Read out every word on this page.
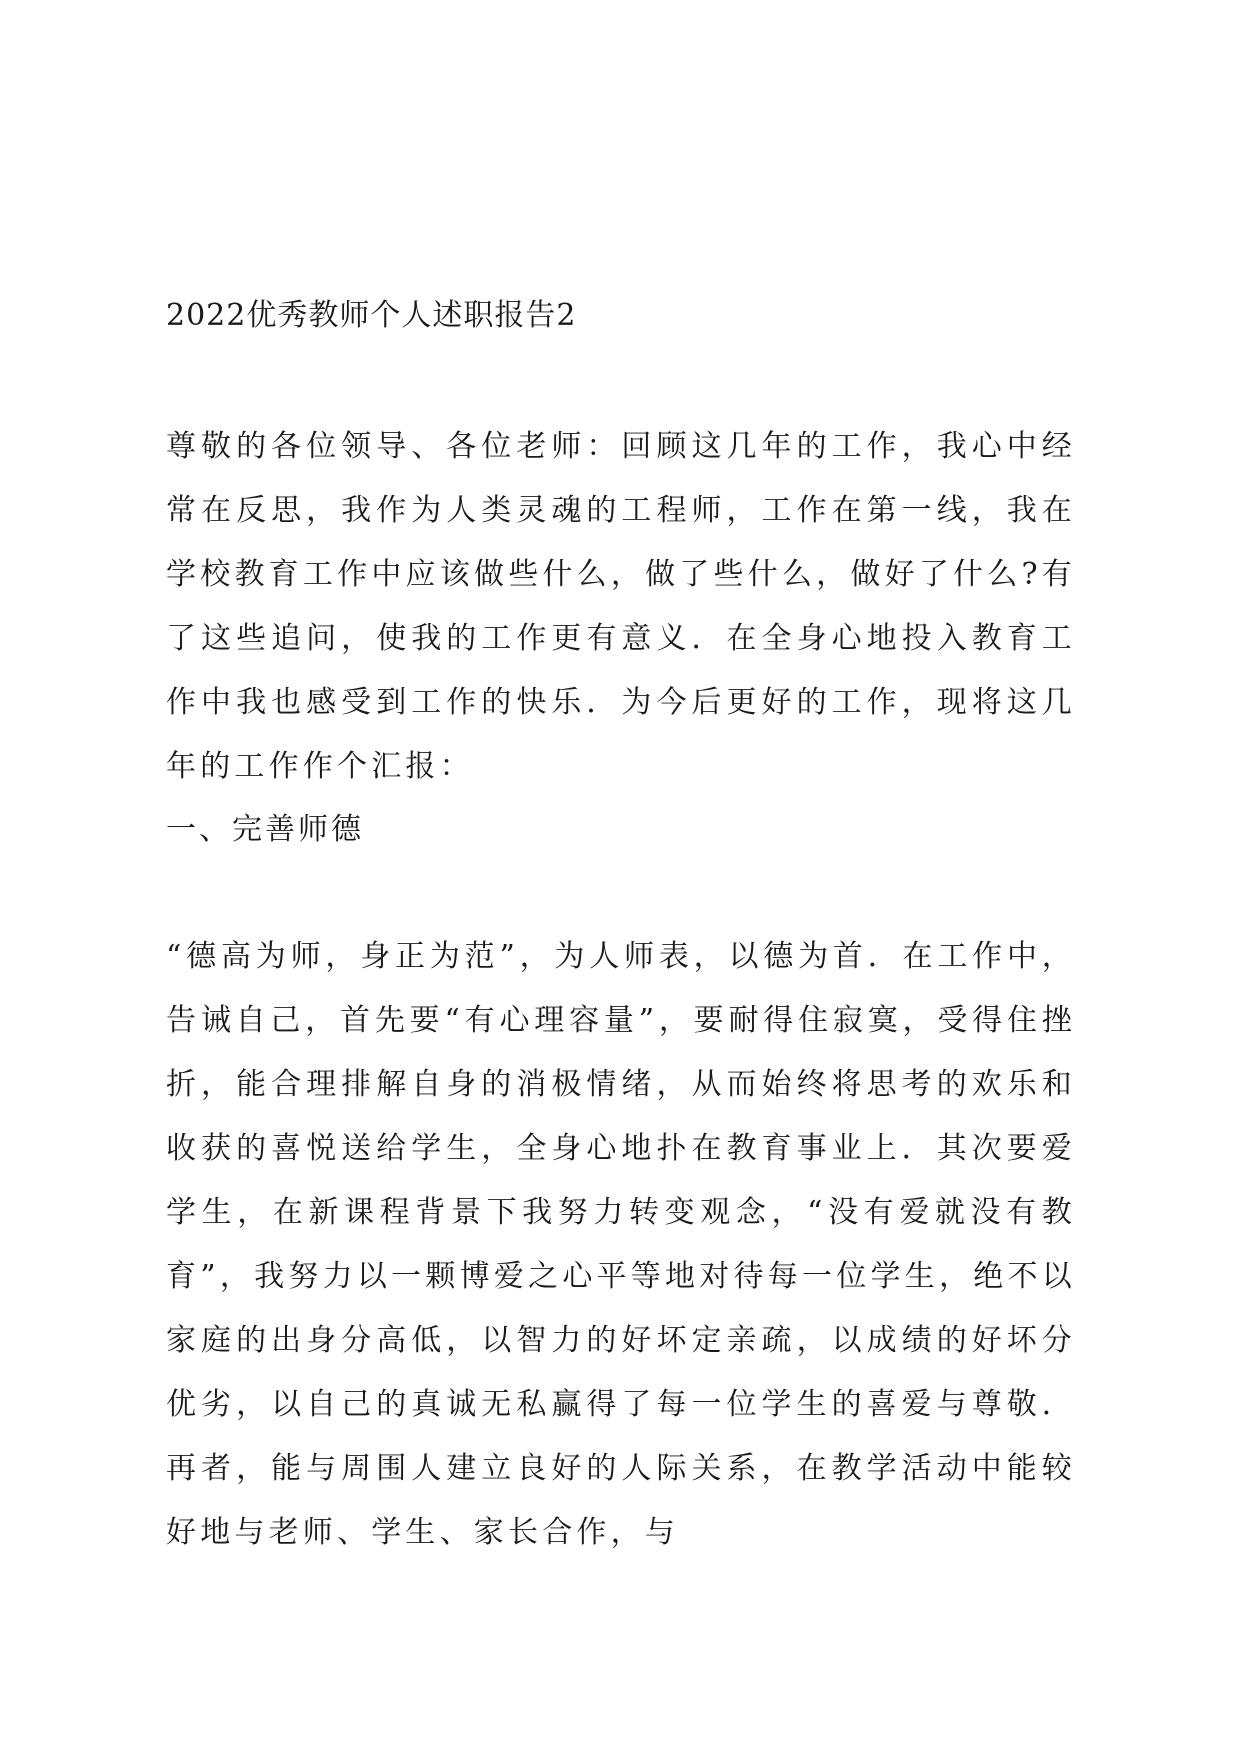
2022优秀教师个人述职报告2

尊敬的各位领导、各位老师：回顾这几年的工作，我心中经常在反思，我作为人类灵魂的工程师，工作在第一线，我在学校教育工作中应该做些什么，做了些什么，做好了什么?有了这些追问，使我的工作更有意义．在全身心地投入教育工作中我也感受到工作的快乐．为今后更好的工作，现将这几年的工作作个汇报：

一、完善师德

“德高为师，身正为范”，为人师表，以德为首．在工作中，告诫自己，首先要“有心理容量”，要耐得住寂寞，受得住挫折，能合理排解自身的消极情绪，从而始终将思考的欢乐和收获的喜悦送给学生，全身心地扑在教育事业上．其次要爱学生，在新课程背景下我努力转变观念，“没有爱就没有教育”，我努力以一颗博爱之心平等地对待每一位学生，绝不以家庭的出身分高低，以智力的好坏定亲疏，以成绩的好坏分优劣，以自己的真诚无私赢得了每一位学生的喜爱与尊敬．再者，能与周围人建立良好的人际关系，在教学活动中能较好地与老师、学生、家长合作，与
